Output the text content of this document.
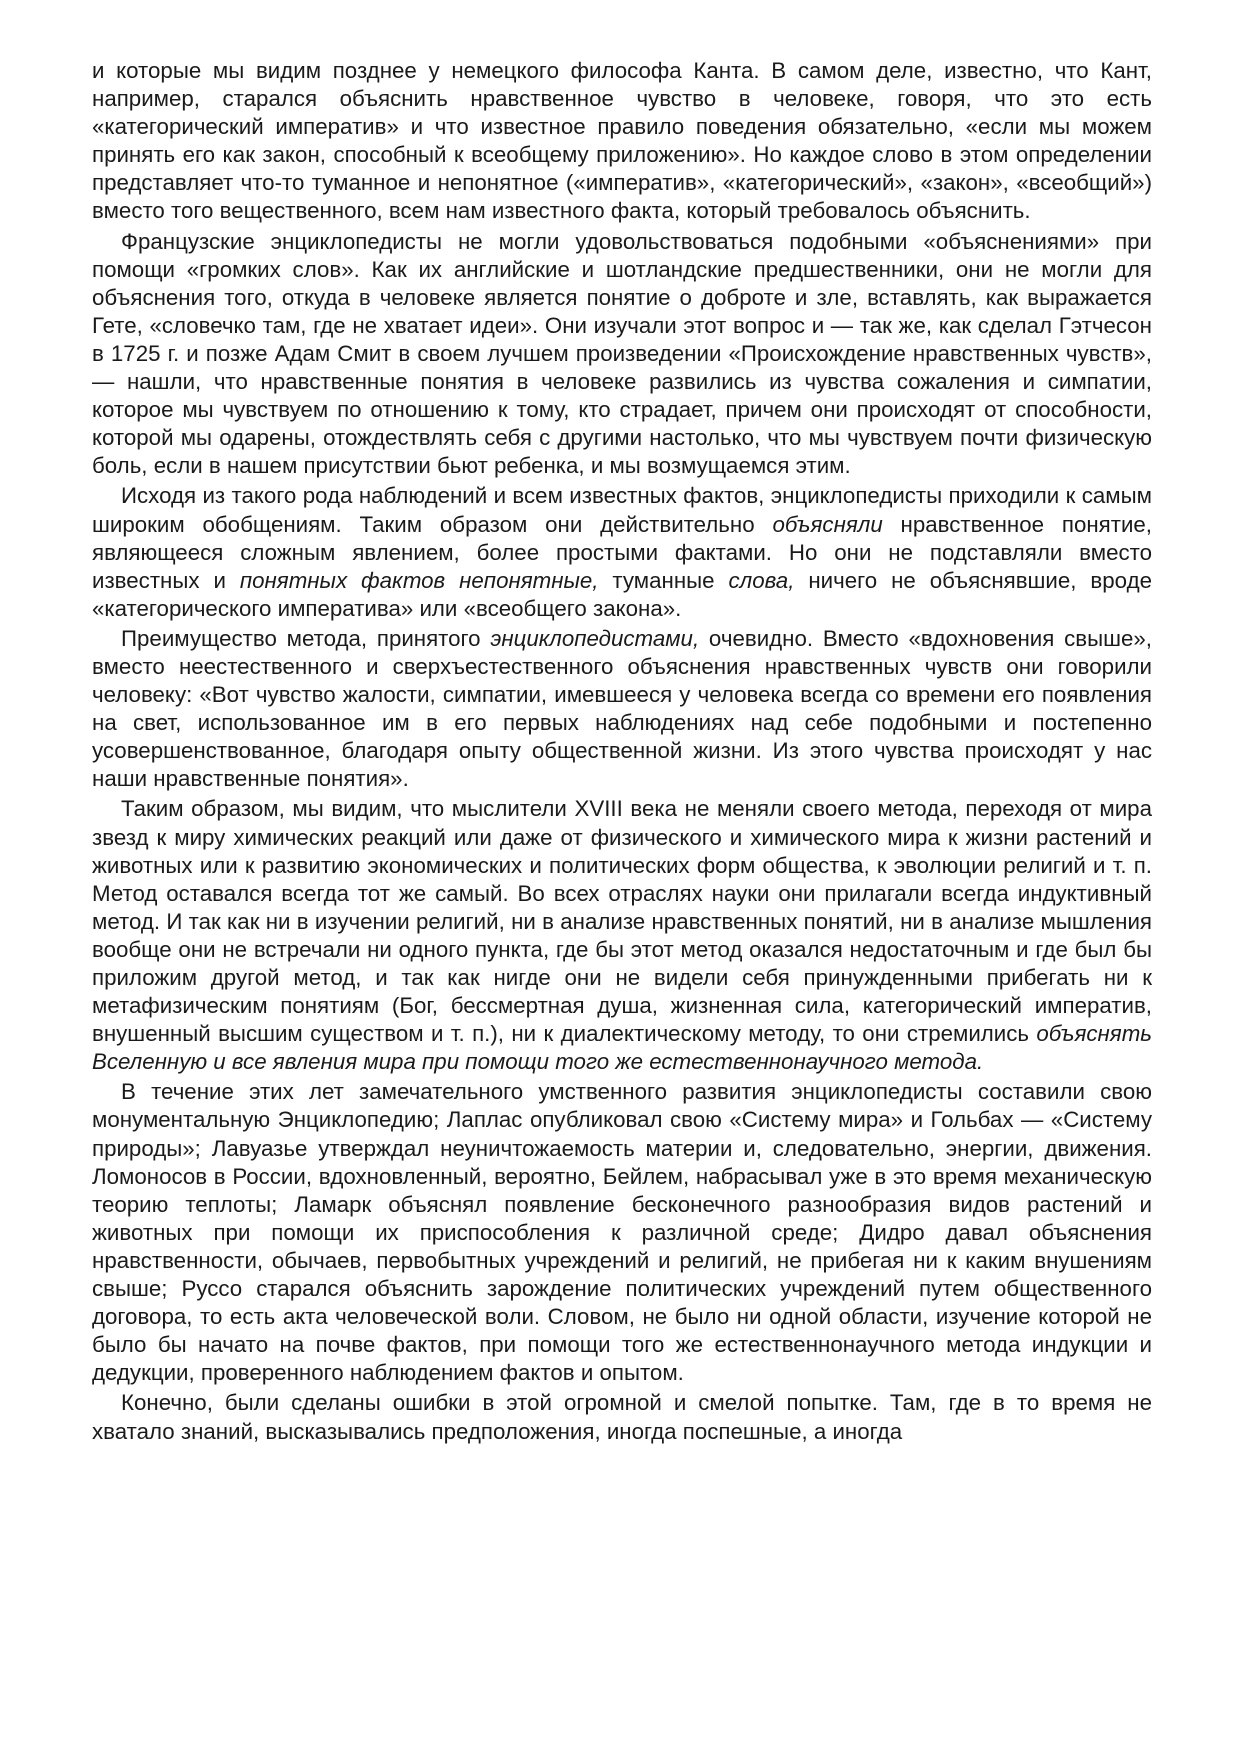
и которые мы видим позднее у немецкого философа Канта. В самом деле, известно, что Кант, например, старался объяснить нравственное чувство в человеке, говоря, что это есть «категорический императив» и что известное правило поведения обязательно, «если мы можем принять его как закон, способный к всеобщему приложению». Но каждое слово в этом определении представляет что-то туманное и непонятное («императив», «категорический», «закон», «всеобщий») вместо того вещественного, всем нам известного факта, который требовалось объяснить.

Французские энциклопедисты не могли удовольствоваться подобными «объяснениями» при помощи «громких слов». Как их английские и шотландские предшественники, они не могли для объяснения того, откуда в человеке является понятие о доброте и зле, вставлять, как выражается Гете, «словечко там, где не хватает идеи». Они изучали этот вопрос и — так же, как сделал Гэтчесон в 1725 г. и позже Адам Смит в своем лучшем произведении «Происхождение нравственных чувств», — нашли, что нравственные понятия в человеке развились из чувства сожаления и симпатии, которое мы чувствуем по отношению к тому, кто страдает, причем они происходят от способности, которой мы одарены, отождествлять себя с другими настолько, что мы чувствуем почти физическую боль, если в нашем присутствии бьют ребенка, и мы возмущаемся этим.

Исходя из такого рода наблюдений и всем известных фактов, энциклопедисты приходили к самым широким обобщениям. Таким образом они действительно объясняли нравственное понятие, являющееся сложным явлением, более простыми фактами. Но они не подставляли вместо известных и понятных фактов непонятные, туманные слова, ничего не объяснявшие, вроде «категорического императива» или «всеобщего закона».

Преимущество метода, принятого энциклопедистами, очевидно. Вместо «вдохновения свыше», вместо неестественного и сверхъестественного объяснения нравственных чувств они говорили человеку: «Вот чувство жалости, симпатии, имевшееся у человека всегда со времени его появления на свет, использованное им в его первых наблюдениях над себе подобными и постепенно усовершенствованное, благодаря опыту общественной жизни. Из этого чувства происходят у нас наши нравственные понятия».

Таким образом, мы видим, что мыслители XVIII века не меняли своего метода, переходя от мира звезд к миру химических реакций или даже от физического и химического мира к жизни растений и животных или к развитию экономических и политических форм общества, к эволюции религий и т. п. Метод оставался всегда тот же самый. Во всех отраслях науки они прилагали всегда индуктивный метод. И так как ни в изучении религий, ни в анализе нравственных понятий, ни в анализе мышления вообще они не встречали ни одного пункта, где бы этот метод оказался недостаточным и где был бы приложим другой метод, и так как нигде они не видели себя принужденными прибегать ни к метафизическим понятиям (Бог, бессмертная душа, жизненная сила, категорический императив, внушенный высшим существом и т. п.), ни к диалектическому методу, то они стремились объяснять Вселенную и все явления мира при помощи того же естественнонаучного метода.

В течение этих лет замечательного умственного развития энциклопедисты составили свою монументальную Энциклопедию; Лаплас опубликовал свою «Систему мира» и Гольбах — «Систему природы»; Лавуазье утверждал неуничтожаемость материи и, следовательно, энергии, движения. Ломоносов в России, вдохновленный, вероятно, Бейлем, набрасывал уже в это время механическую теорию теплоты; Ламарк объяснял появление бесконечного разнообразия видов растений и животных при помощи их приспособления к различной среде; Дидро давал объяснения нравственности, обычаев, первобытных учреждений и религий, не прибегая ни к каким внушениям свыше; Руссо старался объяснить зарождение политических учреждений путем общественного договора, то есть акта человеческой воли. Словом, не было ни одной области, изучение которой не было бы начато на почве фактов, при помощи того же естественнонаучного метода индукции и дедукции, проверенного наблюдением фактов и опытом.

Конечно, были сделаны ошибки в этой огромной и смелой попытке. Там, где в то время не хватало знаний, высказывались предположения, иногда поспешные, а иногда
